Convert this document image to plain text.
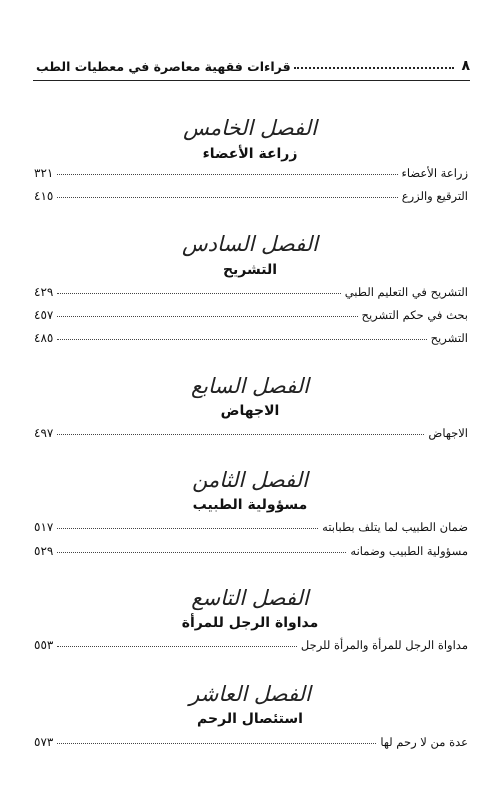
٨
قراءات فقهية معاصرة في معطيات الطب
الفصل الخامس
زراعة الأعضاء
زراعة الأعضاء
٣٢١
الترقيع والزرع
٤١٥
الفصل السادس
التشريح
التشريح في التعليم الطبي
٤٢٩
بحث في حكم التشريح
٤٥٧
التشريح
٤٨٥
الفصل السابع
الاجهاض
الاجهاض
٤٩٧
الفصل الثامن
مسؤولية الطبيب
ضمان الطبيب لما يتلف بطبابته
٥١٧
مسؤولية الطبيب وضمانه
٥٢٩
الفصل التاسع
مداواة الرجل للمرأة
مداواة الرجل للمرأة والمرأة للرجل
٥٥٣
الفصل العاشر
استئصال الرحم
عدة من لا رحم لها
٥٧٣
